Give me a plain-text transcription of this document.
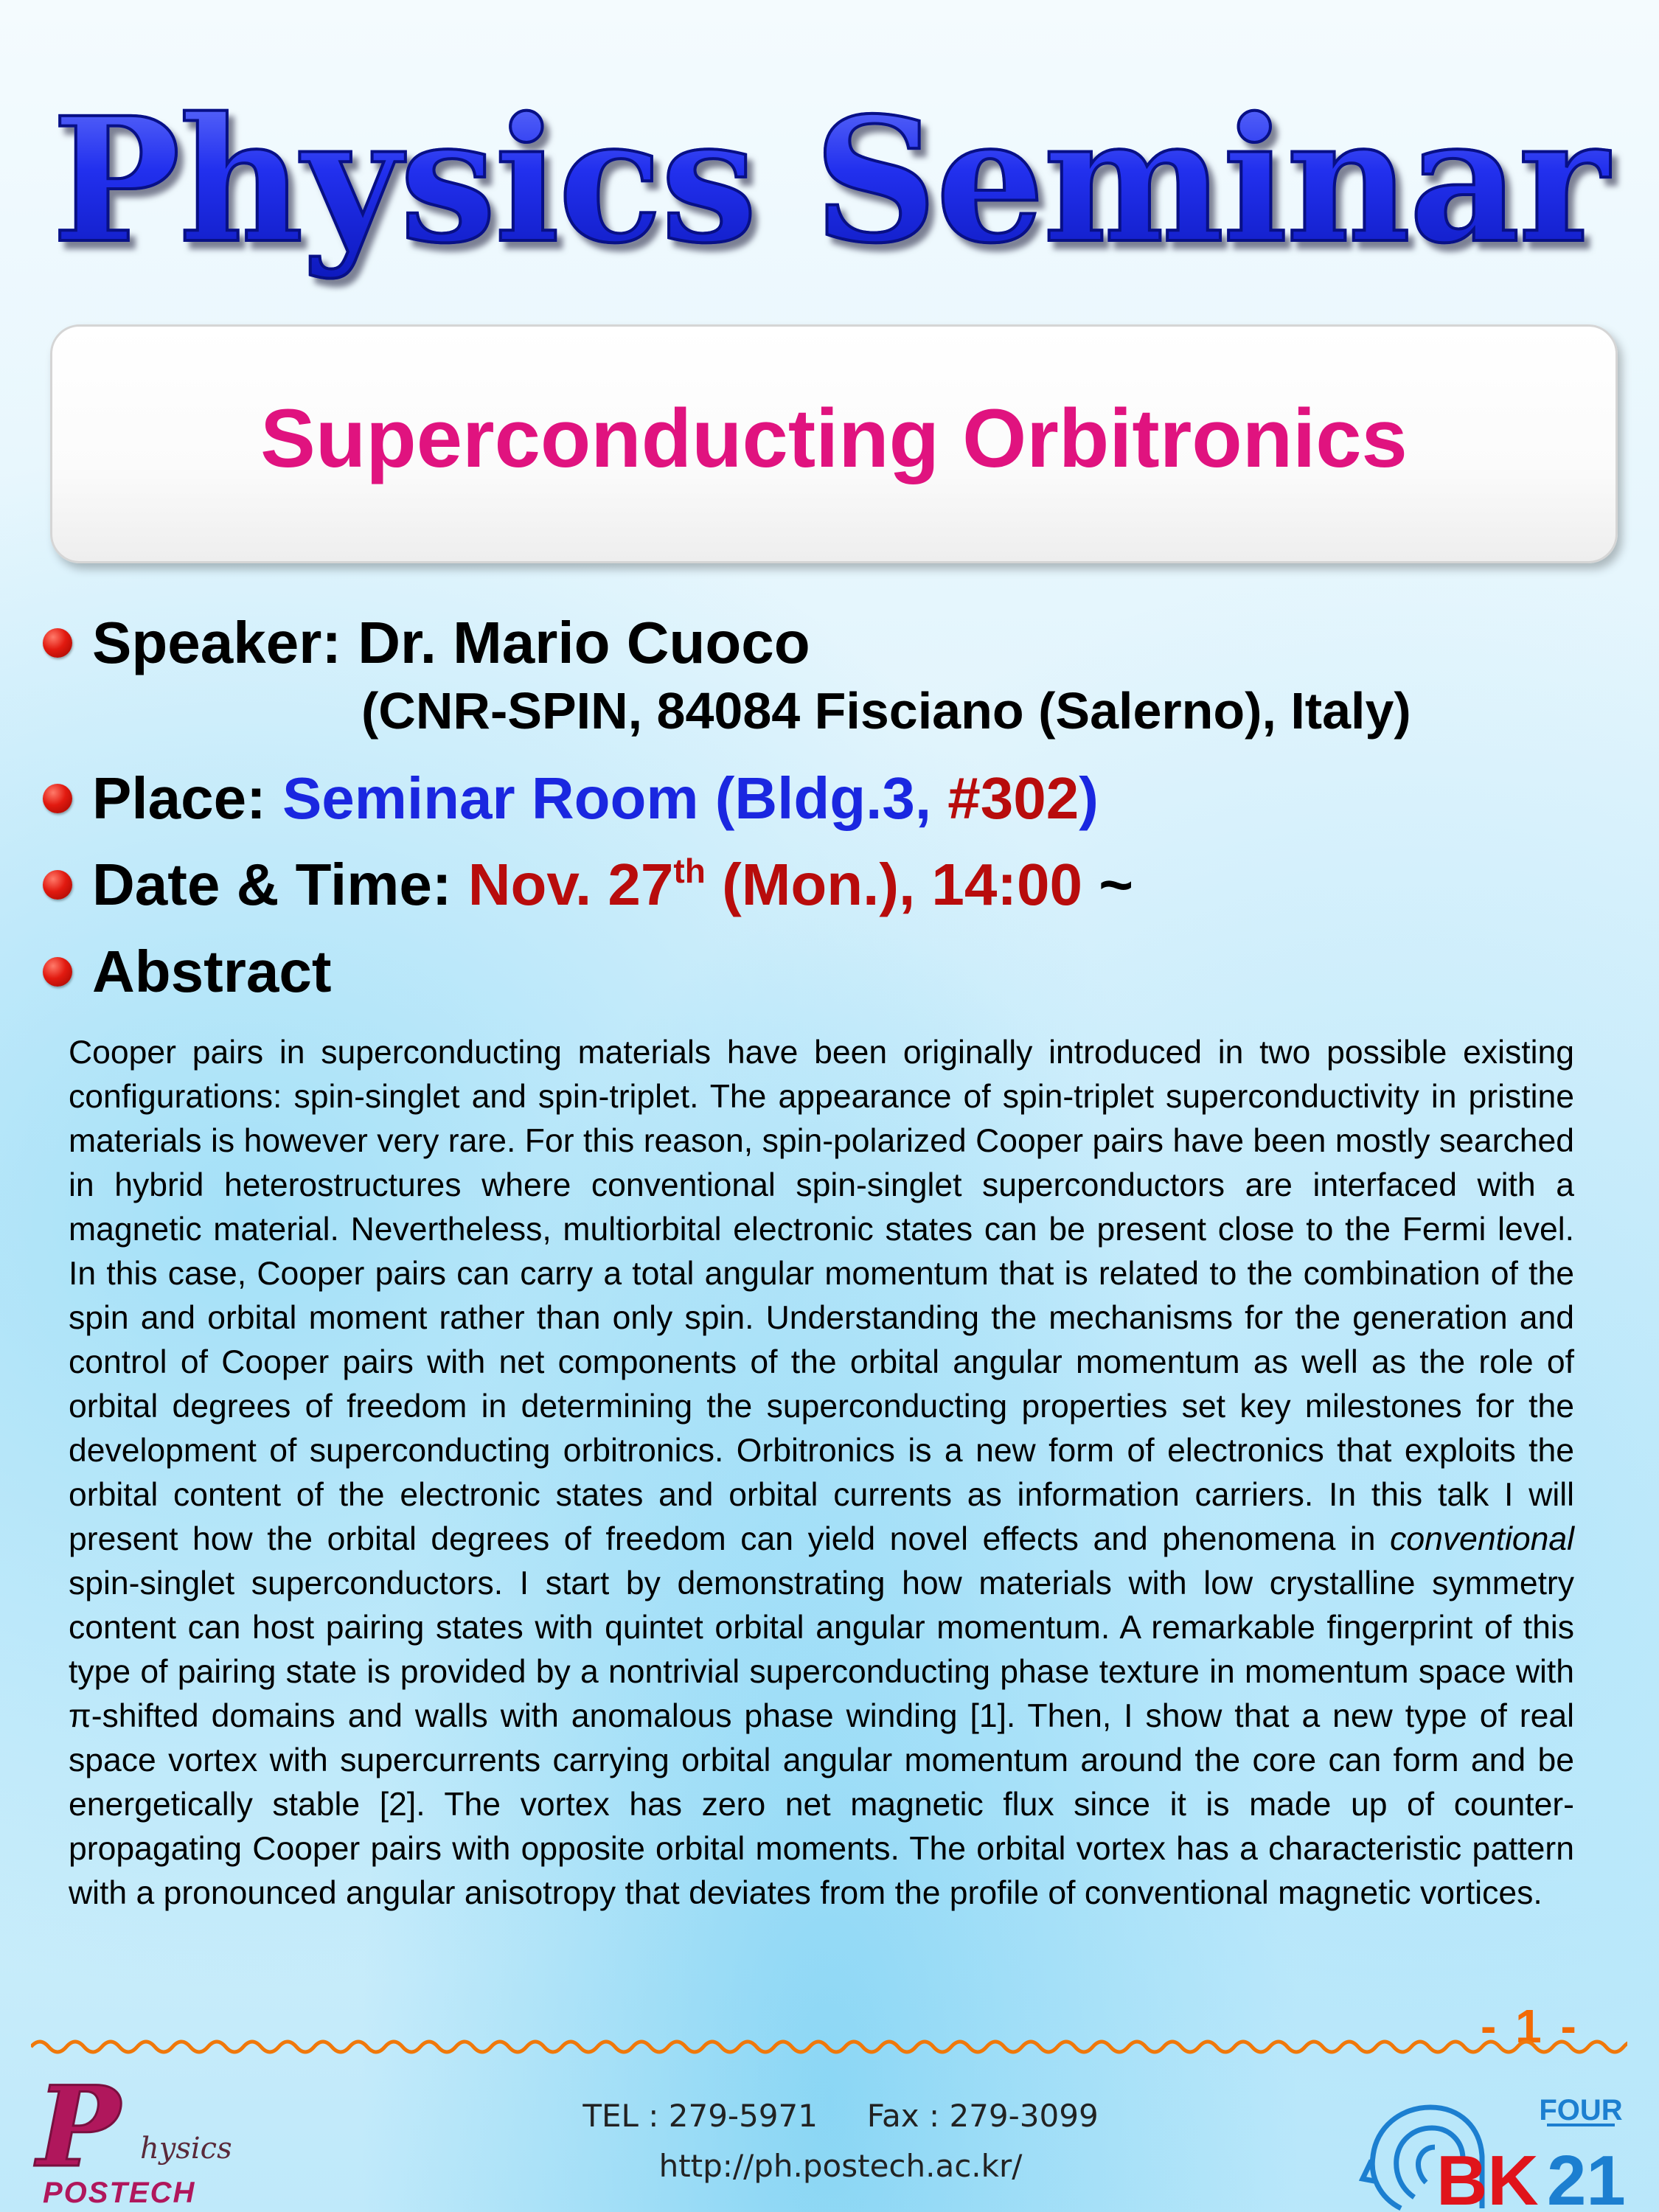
Physics Seminar
Superconducting Orbitronics
Speaker: Dr. Mario Cuoco
(CNR-SPIN, 84084 Fisciano (Salerno), Italy)
Place: Seminar Room (Bldg.3, #302)
Date & Time: Nov. 27th (Mon.), 14:00 ~
Abstract
Cooper pairs in superconducting materials have been originally introduced in two possible existing configurations: spin-singlet and spin-triplet. The appearance of spin-triplet superconductivity in pristine materials is however very rare. For this reason, spin-polarized Cooper pairs have been mostly searched in hybrid heterostructures where conventional spin-singlet superconductors are interfaced with a magnetic material. Nevertheless, multiorbital electronic states can be present close to the Fermi level. In this case, Cooper pairs can carry a total angular momentum that is related to the combination of the spin and orbital moment rather than only spin. Understanding the mechanisms for the generation and control of Cooper pairs with net components of the orbital angular momentum as well as the role of orbital degrees of freedom in determining the superconducting properties set key milestones for the development of superconducting orbitronics. Orbitronics is a new form of electronics that exploits the orbital content of the electronic states and orbital currents as information carriers. In this talk I will present how the orbital degrees of freedom can yield novel effects and phenomena in conventional spin-singlet superconductors. I start by demonstrating how materials with low crystalline symmetry content can host pairing states with quintet orbital angular momentum. A remarkable fingerprint of this type of pairing state is provided by a nontrivial superconducting phase texture in momentum space with π-shifted domains and walls with anomalous phase winding [1]. Then, I show that a new type of real space vortex with supercurrents carrying orbital angular momentum around the core can form and be energetically stable [2]. The vortex has zero net magnetic flux since it is made up of counter-propagating Cooper pairs with opposite orbital moments. The orbital vortex has a characteristic pattern with a pronounced angular anisotropy that deviates from the profile of conventional magnetic vortices.
- 1 -
TEL : 279-5971     Fax : 279-3099
http://ph.postech.ac.kr/
P hysics
POSTECH
FOUR
BK 21
